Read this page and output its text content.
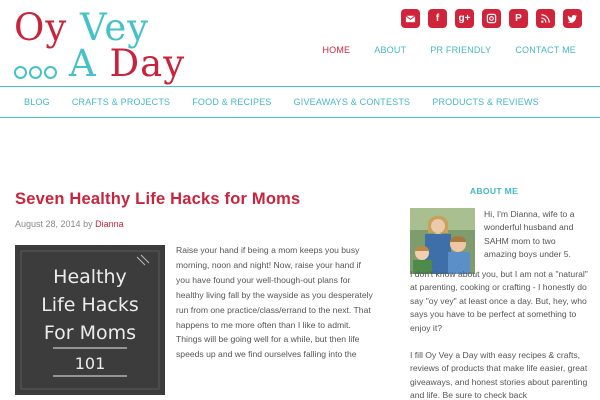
Oy Vey
A Day
f	g+	P
HOME	ABOUT	PR FRIENDLY	CONTACT ME
BLOG CRAFTS & PROJECTS FOOD & RECIPES GIVEAWAYS & CONTESTS PRODUCTS & REVIEWS
Seven Healthy Life Hacks for Moms
August 28, 2014 by Dianna
Healthy
Life Hacks
For Moms
101

Raise your hand if being a mom keeps you busy morning, noon and night! Now, raise your hand if you have found your well-though-out plans for healthy living fall by the wayside as you desperately run from one practice/class/errand to the next. That happens to me more often than I like to admit. Things will be going well for a while, but then life speeds up and we find ourselves falling into the

ABOUT ME

Hi, I'm Dianna, wife to a wonderful husband and SAHM mom to two amazing boys under 5.

I don't know about you, but I am not a "natural" at parenting, cooking or crafting - I honestly do say "oy vey" at least once a day. But, hey, who says you have to be perfect at something to enjoy it?

I fill Oy Vey a Day with easy recipes & crafts, reviews of products that make life easier, great giveaways, and honest stories about parenting and life. Be sure to check back
